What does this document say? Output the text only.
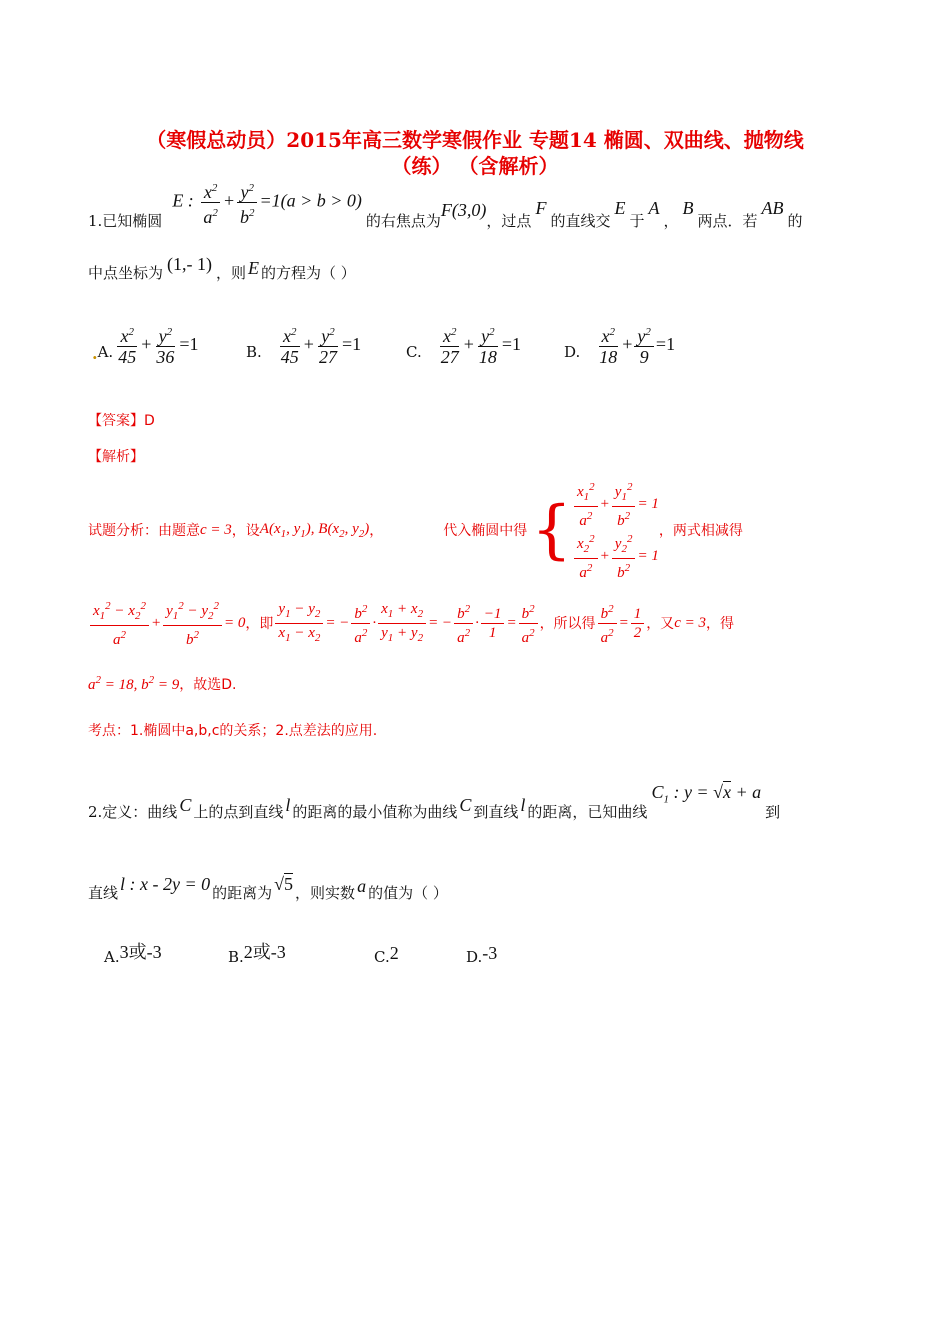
（寒假总动员）2015年高三数学寒假作业 专题14 椭圆、双曲线、抛物线
（练） （含解析）
1.已知椭圆
E : $\frac{x^2}{a^2} + \frac{y^2}{b^2} =1(a > b > 0)$
的右焦点为
F(3,0)
，过点
F
的直线交
E
于
A
，
B
两点．若
AB
的
中点坐标为 (1,- 1) ，则 E 的方程为（ ）
. A. $\frac{x^2}{45} + \frac{y^2}{36} =1$	B. $\frac{x^2}{45} + \frac{y^2}{27} =1$	C. $\frac{x^2}{27} + \frac{y^2}{18} =1$	D. $\frac{x^2}{18} + \frac{y^2}{9} =1$
【答案】D
【解析】
试题分析：由题意 c = 3 ，设 $A(x_1$, $y_1$), $B(x_2$, $y_2$) ，	代入椭圆中得 { $\frac{x_1^2}{a^2} + \frac{y_1^2}{b^2} = 1$
$\frac{x_2^2}{a^2} + \frac{y_2^2}{b^2} = 1$
，两式相减得
$\frac{x_1^2 - x_2^2}{a^2} + \frac{y_1^2 - y_2^2}{b^2} = 0$ ，即 $\frac{y_1 - y_2}{x_1 - x_2}$ = − $\frac{b^2}{a^2} \cdot \frac{x_1 + x_2}{y_1 + y_2}$ = − $\frac{b^2}{a^2} \cdot \frac{-1}{1} = \frac{b^2}{a^2}$ ，所以得 $\frac{b^2}{a^2} = \frac{1}{2}$ ，又 c = 3 ，得
$a^2 = 18$, $b^2 = 9$ ，故选D.
考点：1.椭圆中a,b,c的关系；2.点差法的应用.
2.定义：曲线 C 上的点到直线 l 的距离的最小值称为曲线 C 到直线 l 的距离，已知曲线
$C_1$ : y = √x + a
到
直线 l : x - 2y = 0 的距离为 √5 ，则实数 a 的值为（ ）
A. 3或-3	B. 2或-3	C. 2	D. -3
